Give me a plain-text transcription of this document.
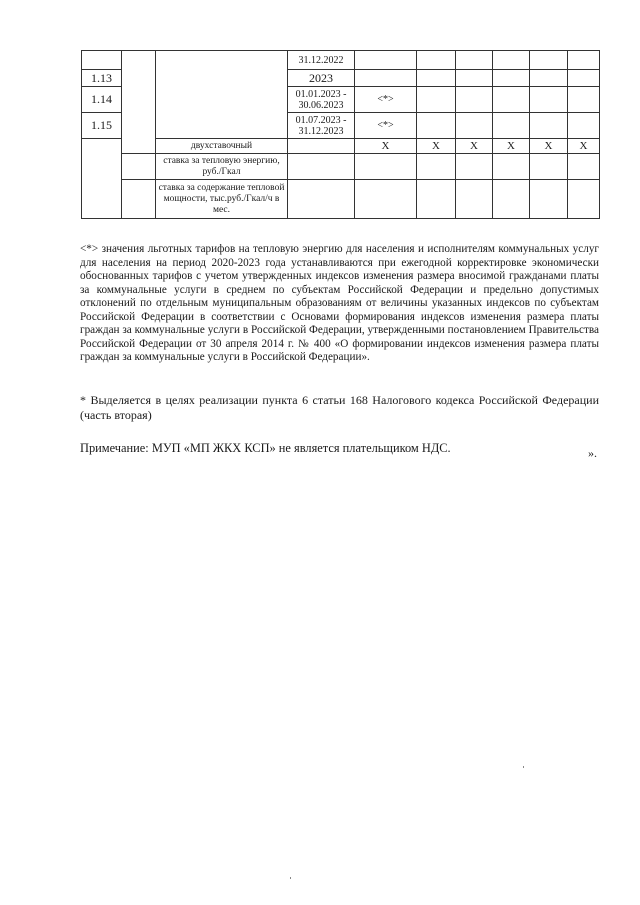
			31.12.2022						
1.13			2023						
1.14			01.01.2023 - 30.06.2023	<*>					
1.15			01.07.2023 - 31.12.2023	<*>					
		двухставочный		X	X	X	X	X	X
		ставка за тепловую энергию, руб./Гкал							
		ставка за содержание тепловой мощности, тыс.руб./Гкал/ч в мес.							

<*> значения льготных тарифов на тепловую энергию для населения и исполнителям коммунальных услуг для населения на период 2020-2023 года устанавливаются при ежегодной корректировке экономически обоснованных тарифов с учетом утвержденных индексов изменения размера вносимой гражданами платы за коммунальные услуги в среднем по субъектам Российской Федерации и предельно допустимых отклонений по отдельным муниципальным образованиям от величины указанных индексов по субъектам Российской Федерации в соответствии с Основами формирования индексов изменения размера платы граждан за коммунальные услуги в Российской Федерации, утвержденными постановлением Правительства Российской Федерации от 30 апреля 2014 г. № 400 «О формировании индексов изменения размера платы граждан за коммунальные услуги в Российской Федерации».

* Выделяется в целях реализации пункта 6 статьи 168 Налогового кодекса Российской Федерации (часть вторая)

Примечание: МУП «МП ЖКХ КСП» не является плательщиком НДС.	».
